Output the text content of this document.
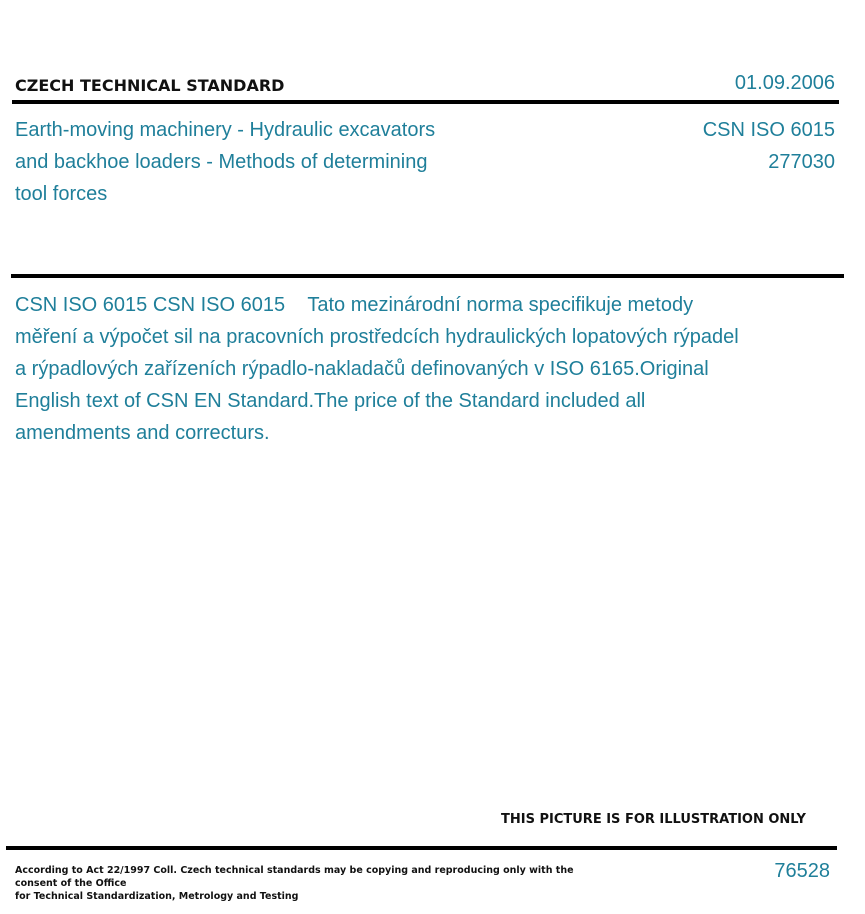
CZECH TECHNICAL STANDARD	01.09.2006
Earth-moving machinery - Hydraulic excavators and backhoe loaders - Methods of determining tool forces
CSN ISO 6015
277030
CSN ISO 6015 CSN ISO 6015    Tato mezinárodní norma specifikuje metody měření a výpočet sil na pracovních prostředcích hydraulických lopatových rýpadel a rýpadlových zařízeních rýpadlo-nakladačů definovaných v ISO 6165.Original English text of CSN EN Standard.The price of the Standard included all amendments and correcturs.
THIS PICTURE IS FOR ILLUSTRATION ONLY
According to Act 22/1997 Coll. Czech technical standards may be copying and reproducing only with the consent of the Office
for Technical Standardization, Metrology and Testing
76528
